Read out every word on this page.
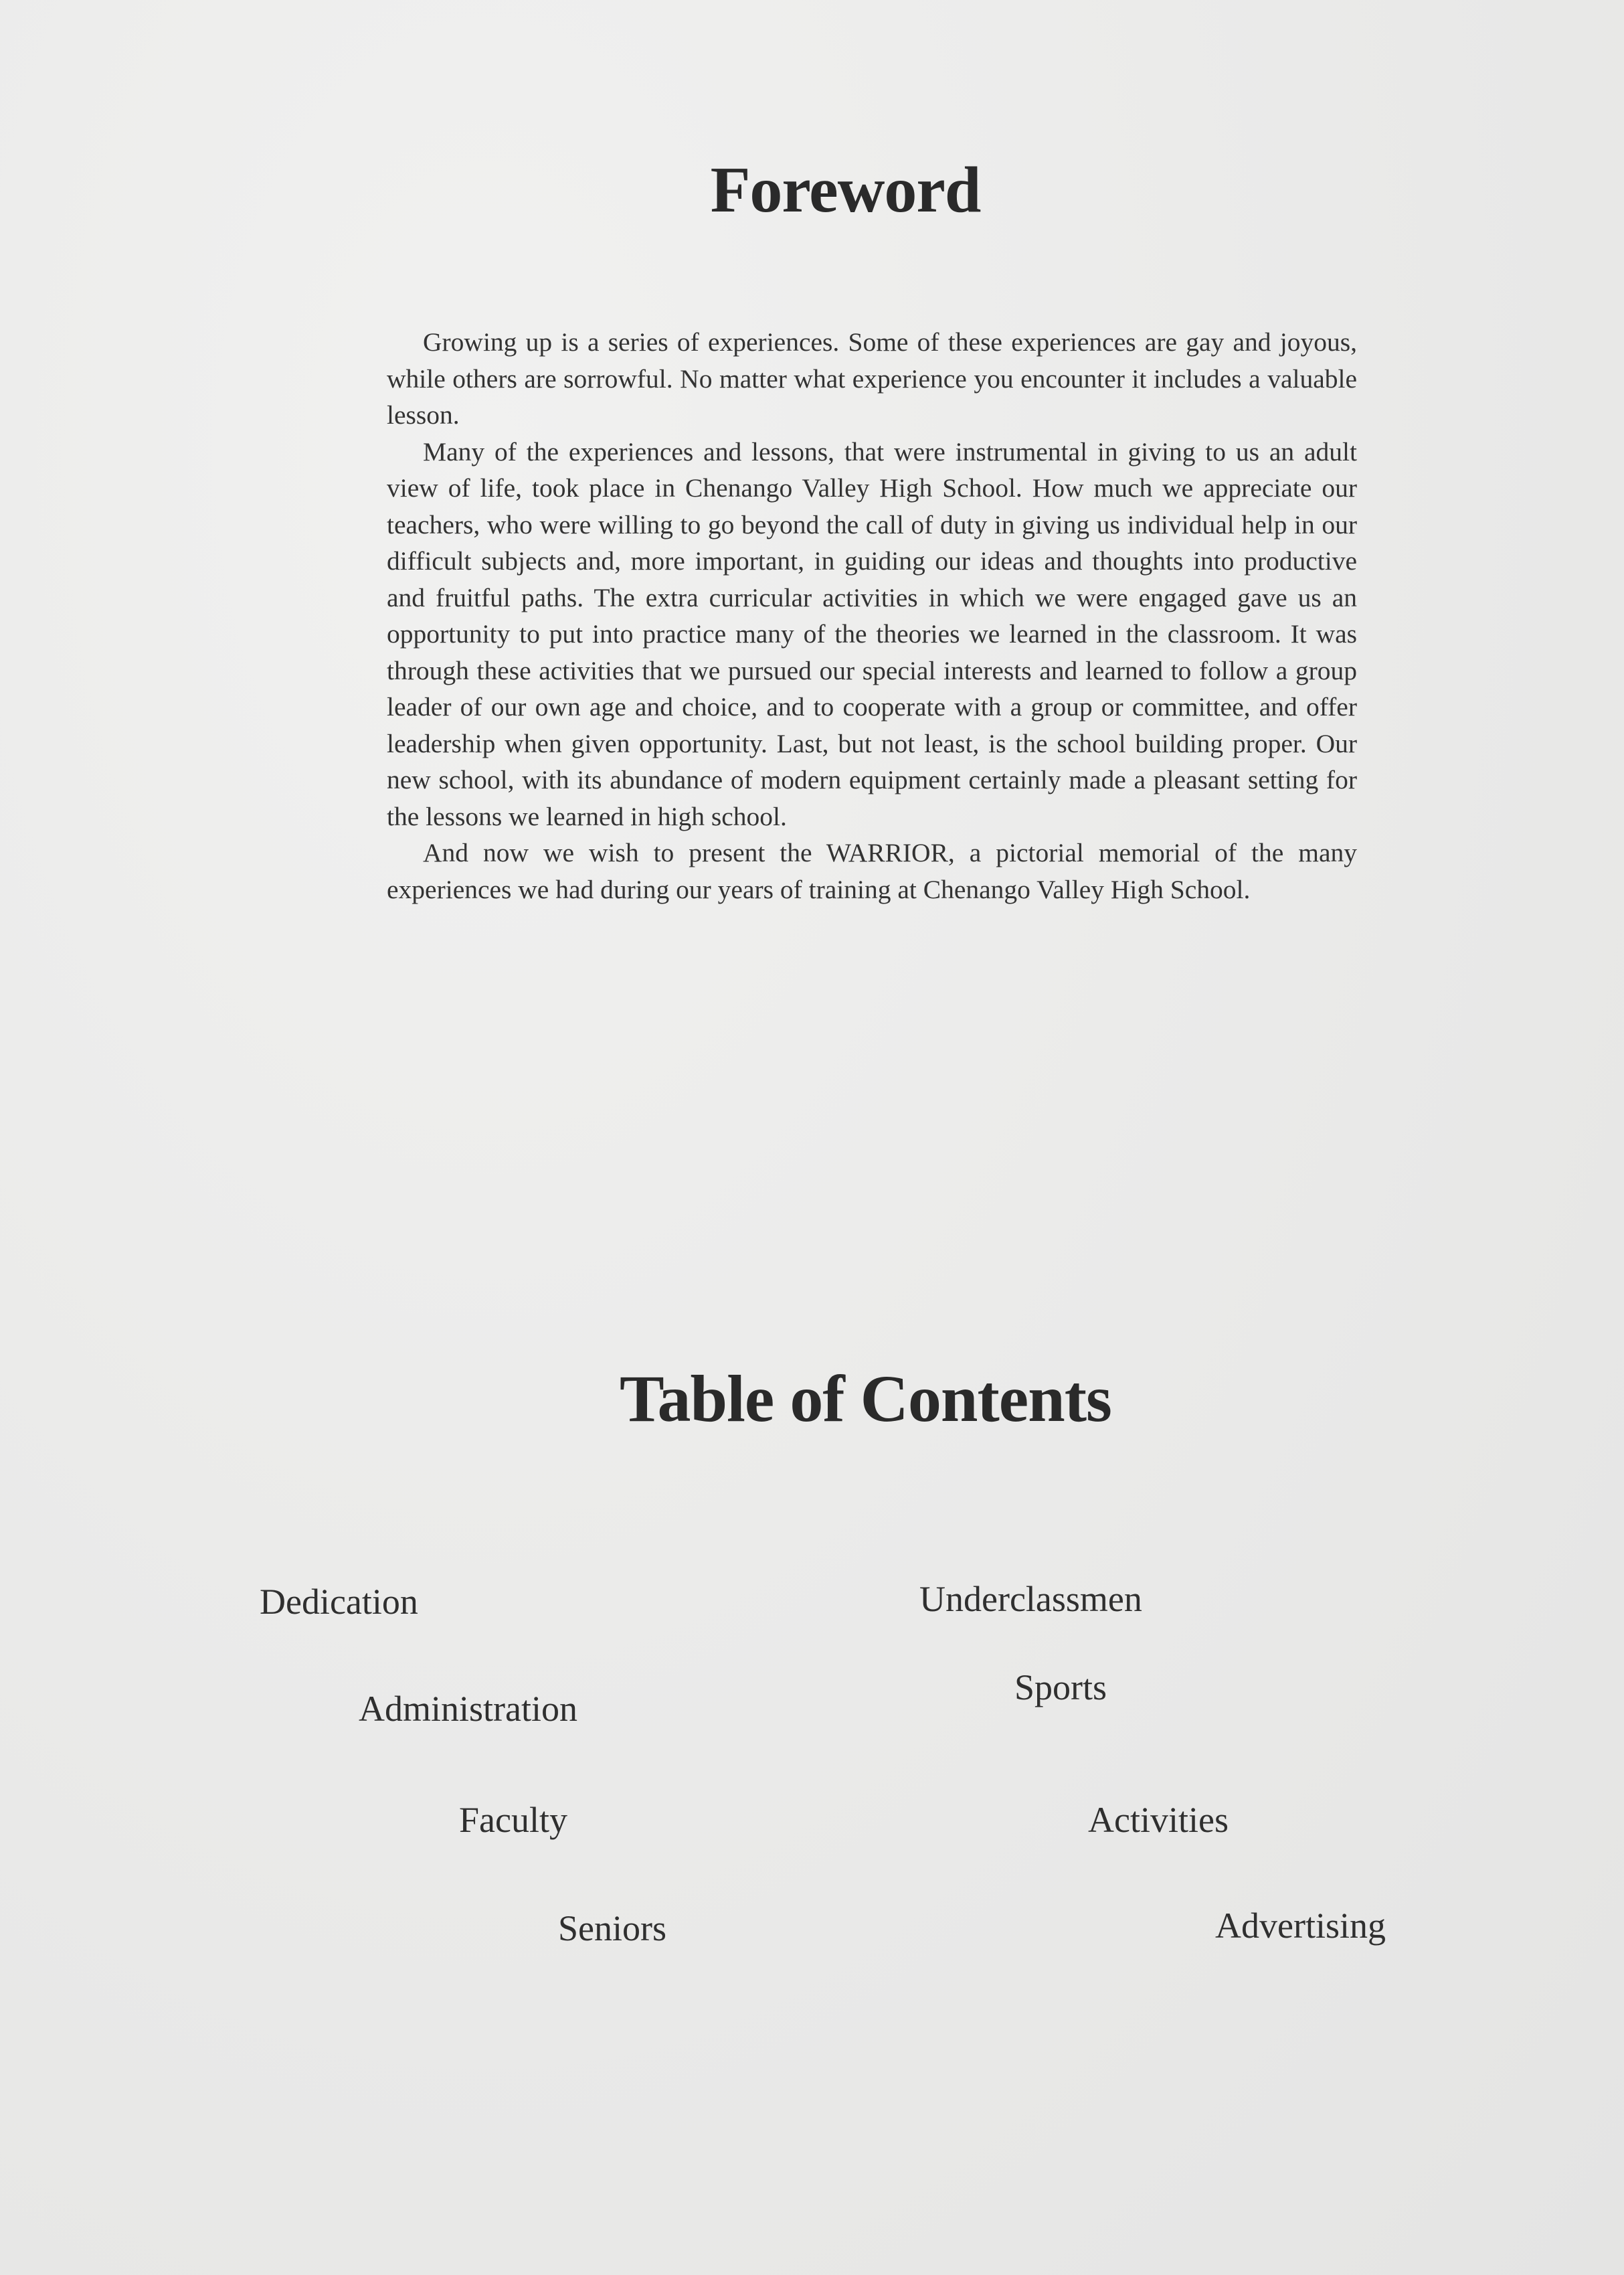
Foreword

Growing up is a series of experiences. Some of these experiences are gay and joyous, while others are sorrowful. No matter what experience you encounter it includes a valuable lesson.

Many of the experiences and lessons, that were instrumental in giving to us an adult view of life, took place in Chenango Valley High School. How much we appreciate our teachers, who were willing to go beyond the call of duty in giving us individual help in our difficult subjects and, more important, in guiding our ideas and thoughts into productive and fruitful paths. The extra curricular activities in which we were engaged gave us an opportunity to put into practice many of the theories we learned in the classroom. It was through these activities that we pursued our special interests and learned to follow a group leader of our own age and choice, and to cooperate with a group or committee, and offer leadership when given opportunity. Last, but not least, is the school building proper. Our new school, with its abundance of modern equipment certainly made a pleasant setting for the lessons we learned in high school.

And now we wish to present the WARRIOR, a pictorial memorial of the many experiences we had during our years of training at Chenango Valley High School.

Table of Contents
Dedication
Administration
Faculty
Seniors
Underclassmen
Sports
Activities
Advertising
